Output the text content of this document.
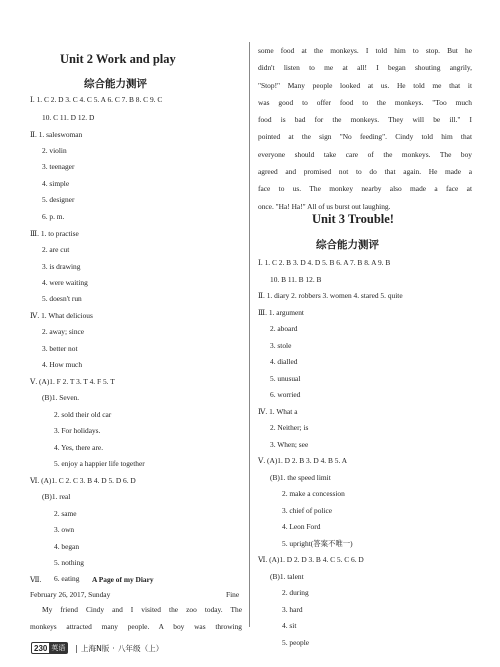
Unit 2 Work and play
综合能力测评
Ⅰ. 1. C 2. D 3. C 4. C 5. A 6. C 7. B 8. C 9. C
10. C 11. D 12. D
Ⅱ. 1. saleswoman
2. violin
3. teenager
4. simple
5. designer
6. p. m.
Ⅲ. 1. to practise
2. are cut
3. is drawing
4. were waiting
5. doesn't run
Ⅳ. 1. What delicious
2. away; since
3. better not
4. How much
Ⅴ. (A)1. F 2. T 3. T 4. F 5. T
(B)1. Seven.
2. sold their old car
3. For holidays.
4. Yes, there are.
5. enjoy a happier life together
Ⅵ. (A)1. C 2. C 3. B 4. D 5. D 6. D
(B)1. real
2. same
3. own
4. began
5. nothing
6. eating
Ⅶ.	A Page of my Diary
February 26, 2017, Sunday	Fine
My friend Cindy and I visited the zoo today. The
monkeys attracted many people. A boy was throwing
some food at the monkeys. I told him to stop. But he
didn't listen to me at all! I began shouting angrily,
"Stop!" Many people looked at us. He told me that it
was good to offer food to the monkeys. "Too much
food is bad for the monkeys. They will be ill." I
pointed at the sign "No feeding". Cindy told him that
everyone should take care of the monkeys. The boy
agreed and promised not to do that again. He made a
face to us. The monkey nearby also made a face at
once. "Ha! Ha!" All of us burst out laughing.
Unit 3 Trouble!
综合能力测评
Ⅰ. 1. C 2. B 3. D 4. D 5. B 6. A 7. B 8. A 9. B
10. B 11. B 12. B
Ⅱ. 1. diary 2. robbers 3. women 4. stared 5. quite
Ⅲ. 1. argument
2. aboard
3. stole
4. dialled
5. unusual
6. worried
Ⅳ. 1. What a
2. Neither; is
3. When; see
Ⅴ. (A)1. D 2. B 3. D 4. B 5. A
(B)1. the speed limit
2. make a concession
3. chief of police
4. Leon Ford
5. upright(答案不唯一)
Ⅵ. (A)1. D 2. D 3. B 4. C 5. C 6. D
(B)1. talent
2. during
3. hard
4. sit
5. people
230 英语 | 上海N版 · 八年级（上）
